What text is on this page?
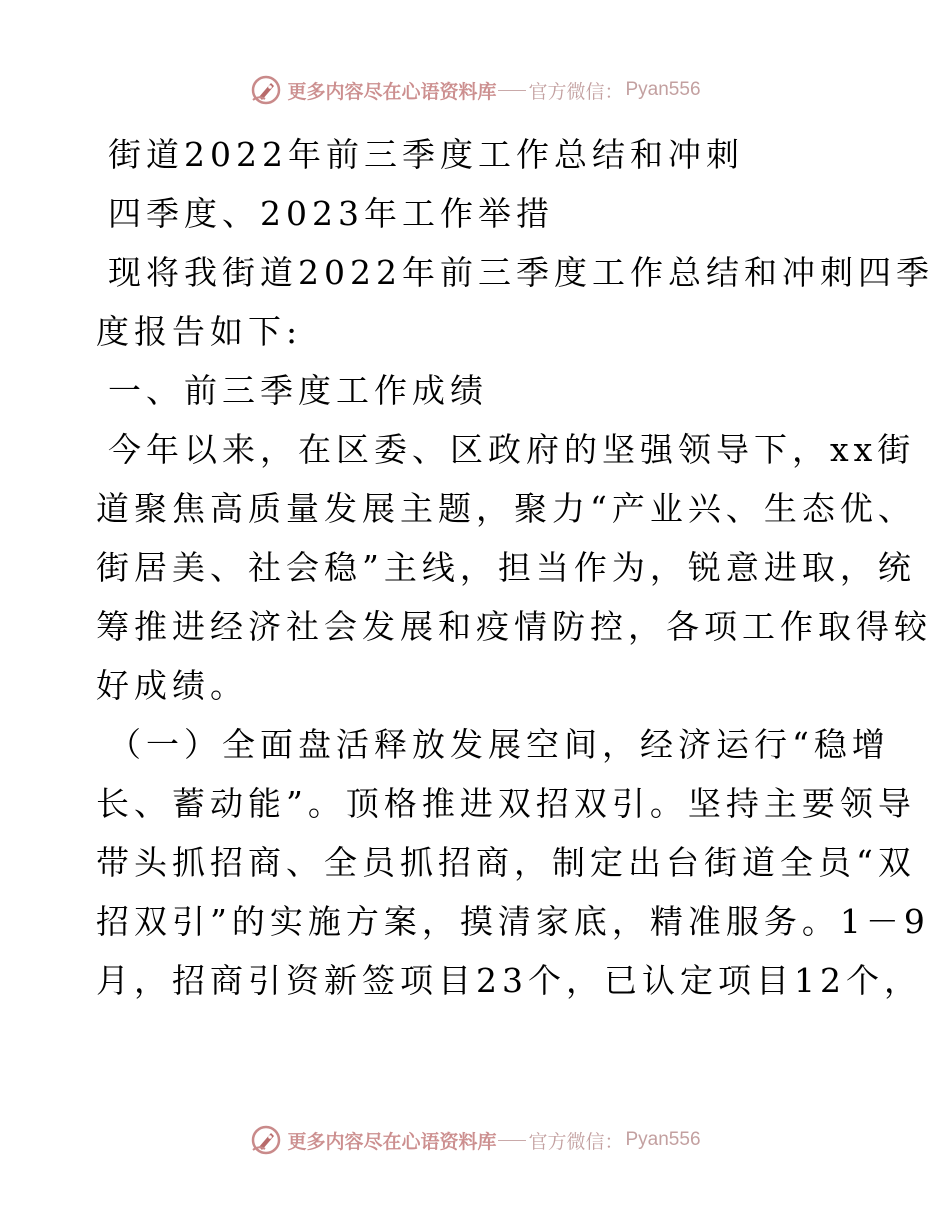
更多内容尽在心语资料库 官方微信： Pyan556
街道2022年前三季度工作总结和冲刺
四季度、2023年工作举措
现将我街道2022年前三季度工作总结和冲刺四季
度报告如下:
一、前三季度工作成绩
今年以来，在区委、区政府的坚强领导下，xx街
道聚焦高质量发展主题，聚力“产业兴、生态优、
街居美、社会稳”主线，担当作为，锐意进取，统
筹推进经济社会发展和疫情防控，各项工作取得较
好成绩。
（一）全面盘活释放发展空间，经济运行“稳增
长、蓄动能”。顶格推进双招双引。坚持主要领导
带头抓招商、全员抓招商，制定出台街道全员“双
招双引”的实施方案，摸清家底，精准服务。1－9
月，招商引资新签项目23个，已认定项目12个，
更多内容尽在心语资料库 官方微信： Pyan556
